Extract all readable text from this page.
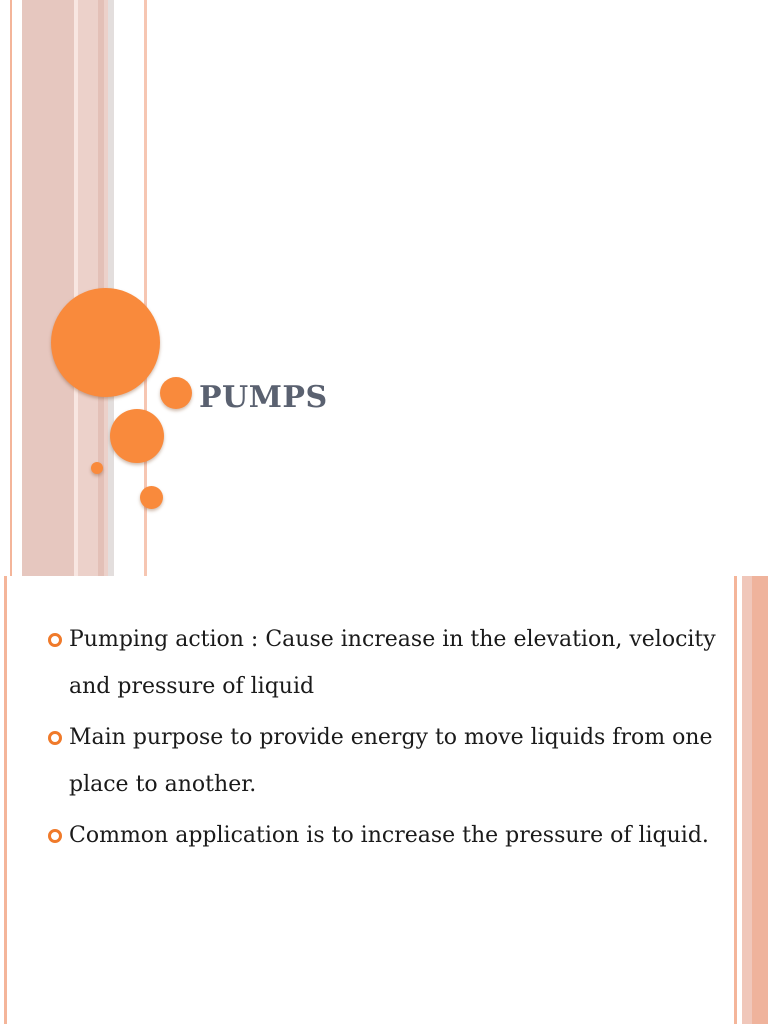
PUMPS
Pumping action : Cause increase in the elevation, velocity and pressure of liquid
Main purpose to provide energy to move liquids from one place to another.
Common application is to increase the pressure of liquid.
